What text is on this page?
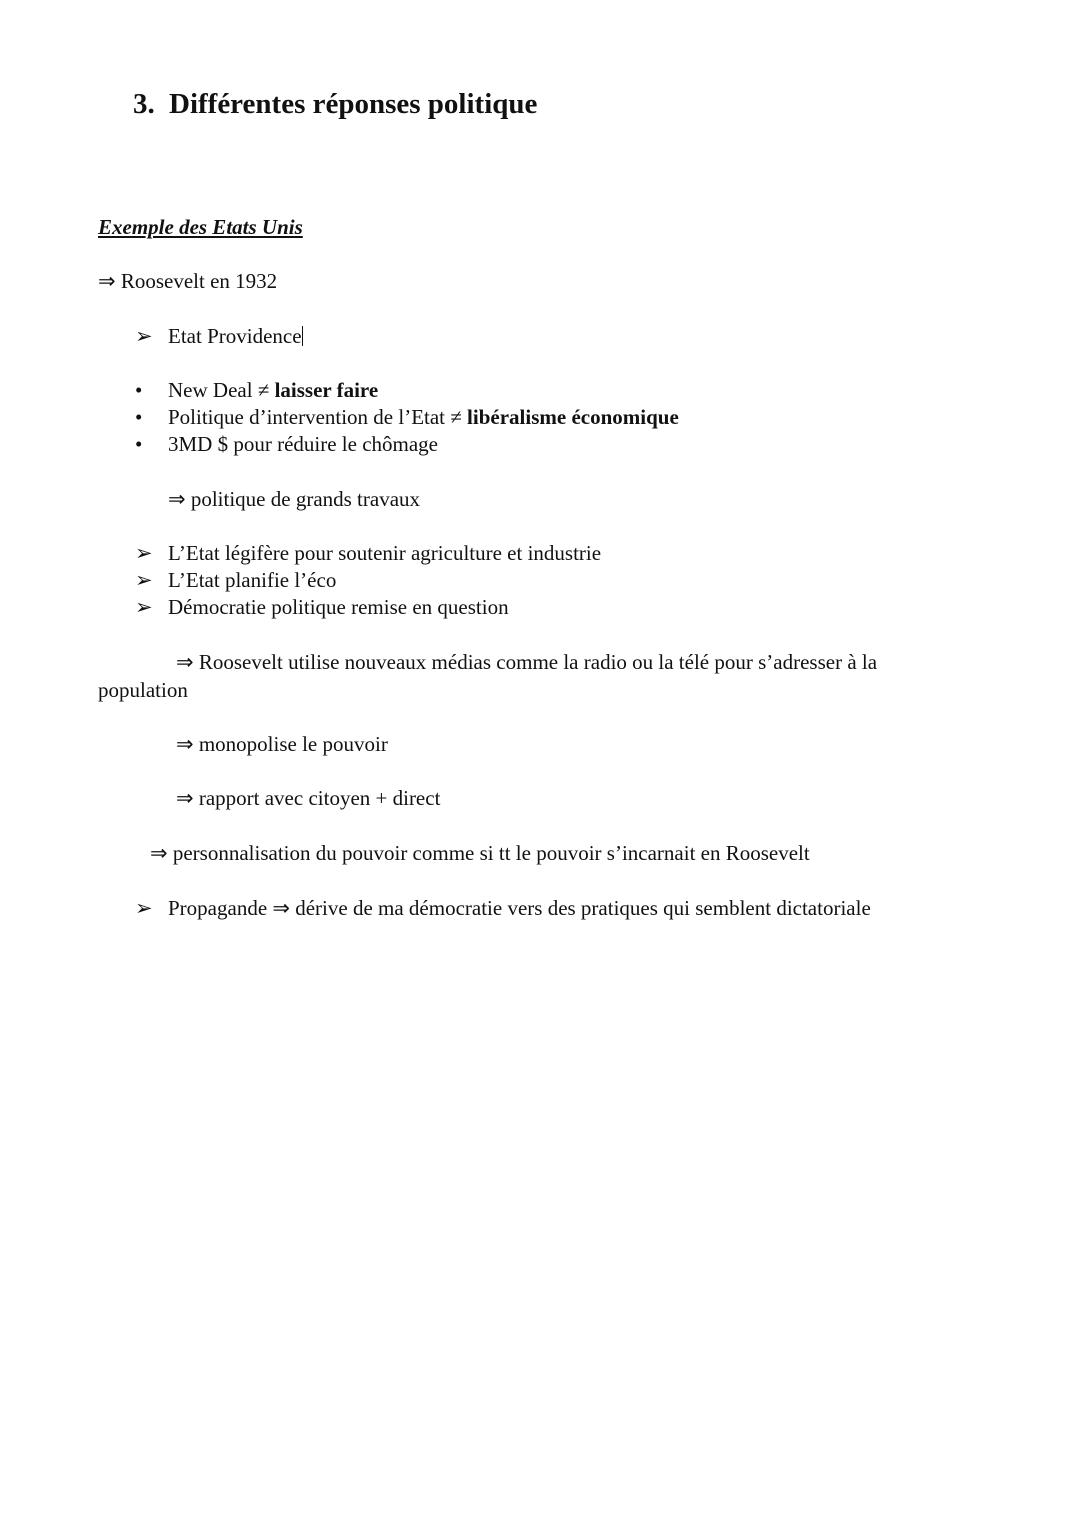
3. Différentes réponses politique
Exemple des Etats Unis
⇒ Roosevelt en 1932
➢ Etat Providence
•	New Deal ≠ laisser faire
•	Politique d’intervention de l’Etat ≠ libéralisme économique
•	3MD $ pour réduire le chômage
⇒ politique de grands travaux
➢ L’Etat légifère pour soutenir agriculture et industrie
➢ L’Etat planifie l’éco
➢ Démocratie politique remise en question
⇒ Roosevelt utilise nouveaux médias comme la radio ou la télé pour s’adresser à la population
⇒ monopolise le pouvoir
⇒ rapport avec citoyen + direct
⇒ personnalisation du pouvoir comme si tt le pouvoir s’incarnait en Roosevelt
➢ Propagande ⇒ dérive de ma démocratie vers des pratiques qui semblent dictatoriale
